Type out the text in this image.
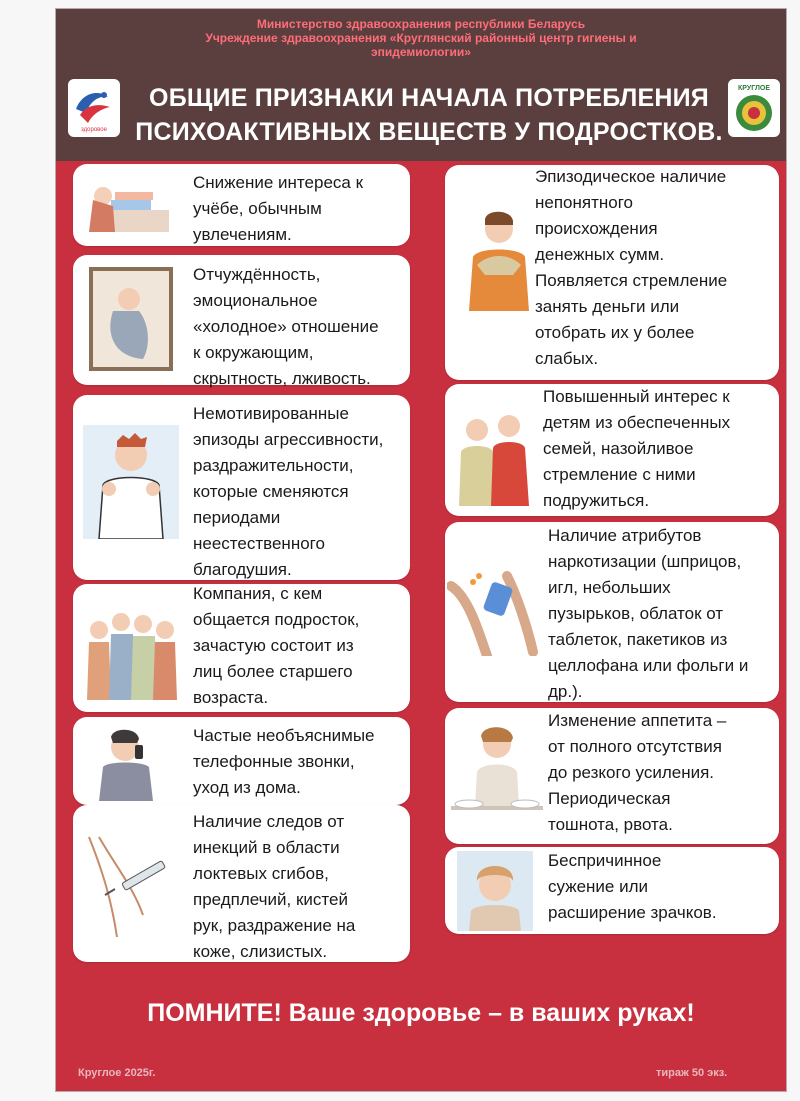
Министерство здравоохранения республики Беларусь
Учреждение здравоохранения «Круглянский районный центр гигиены и
эпидемиологии»
здоровое
ОБЩИЕ ПРИЗНАКИ НАЧАЛА ПОТРЕБЛЕНИЯ
ПСИХОАКТИВНЫХ ВЕЩЕСТВ У ПОДРОСТКОВ.
КРУГЛОЕ

Снижение интереса к

учёбе, обычным

увлечениям.

Отчуждённость,

эмоциональное

«холодное» отношение

к окружающим,

скрытность, лживость.

Немотивированные

эпизоды агрессивности,

раздражительности,

которые сменяются

периодами

неестественного

благодушия.

Компания, с кем

общается подросток,

зачастую состоит из

лиц более старшего

возраста.

Частые необъяснимые

телефонные звонки,

уход из дома.

Наличие следов от

инекций в области

локтевых сгибов,

предплечий, кистей

рук, раздражение на

коже, слизистых.

Эпизодическое наличие

непонятного

происхождения

денежных сумм.

Появляется стремление

занять деньги или

отобрать их у более

слабых.

Повышенный интерес к

детям из обеспеченных

семей, назойливое

стремление с ними

подружиться.

Наличие атрибутов

наркотизации (шприцов,

игл, небольших

пузырьков, облаток от

таблеток, пакетиков из

целлофана или фольги и

др.).

Изменение аппетита –

от полного отсутствия

до резкого усиления.

Периодическая

тошнота, рвота.

Беспричинное

сужение или

расширение зрачков.

ПОМНИТЕ! Ваше здоровье – в ваших руках!
Круглое 2025г.	тираж 50 экз.
